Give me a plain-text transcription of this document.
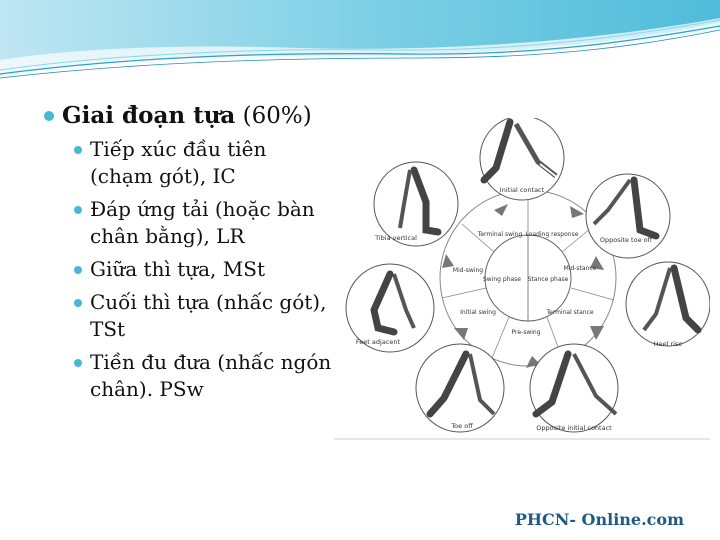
Giai đoạn tựa (60%)
Tiếp xúc đầu tiên (chạm gót), IC
Đáp ứng tải (hoặc bàn chân bằng), LR
Giữa thì tựa, MSt
Cuối thì tựa (nhấc gót), TSt
Tiền đu đưa (nhấc ngón chân). PSw
Swing phase Stance phase
Loading response
Mid-stance
Terminal stance
Pre-swing
Initial swing
Mid-swing
Terminal swing
Initial contact
Opposite toe off
Heel rise
Opposite initial contact
Toe off
Feet adjacent
Tibia vertical
PHCN- Online.com
